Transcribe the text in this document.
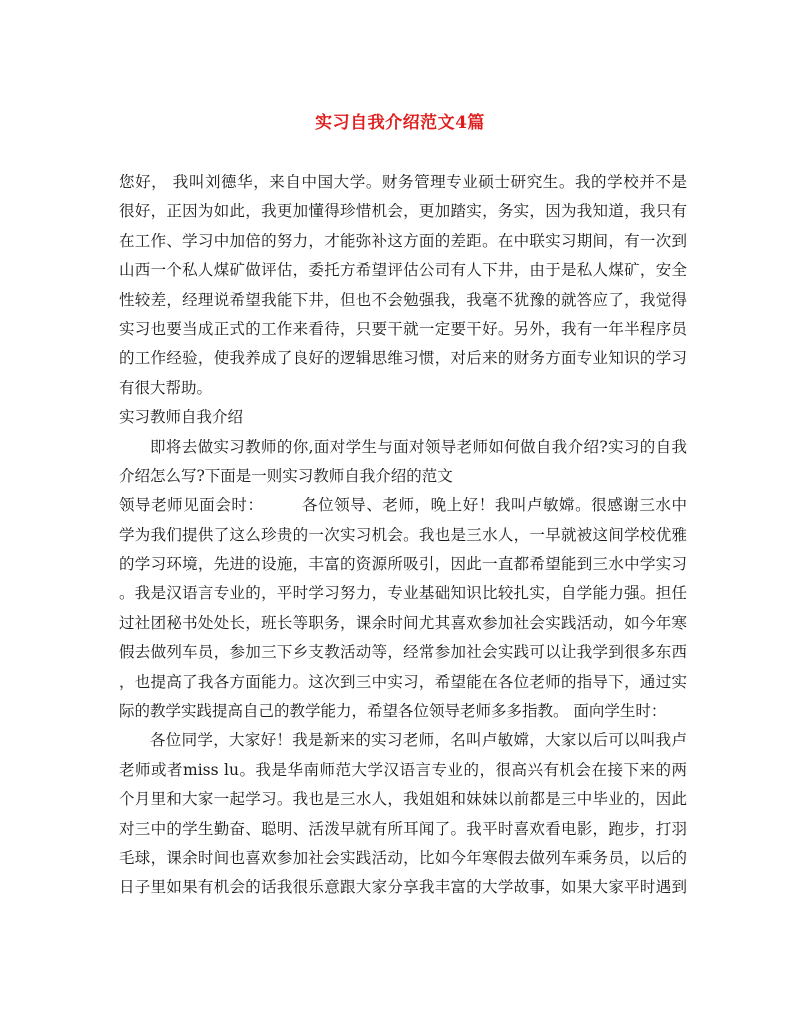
实习自我介绍范文4篇
您好， 我叫刘德华，来自中国大学。财务管理专业硕士研究生。我的学校并不是
很好，正因为如此，我更加懂得珍惜机会，更加踏实，务实，因为我知道，我只有
在工作、学习中加倍的努力，才能弥补这方面的差距。在中联实习期间，有一次到
山西一个私人煤矿做评估，委托方希望评估公司有人下井，由于是私人煤矿，安全
性较差，经理说希望我能下井，但也不会勉强我，我毫不犹豫的就答应了，我觉得
实习也要当成正式的工作来看待，只要干就一定要干好。另外，我有一年半程序员
的工作经验，使我养成了良好的逻辑思维习惯，对后来的财务方面专业知识的学习
有很大帮助。
实习教师自我介绍
即将去做实习教师的你,面对学生与面对领导老师如何做自我介绍?实习的自我
介绍怎么写?下面是一则实习教师自我介绍的范文
领导老师见面会时： 各位领导、老师，晚上好！我叫卢敏嫦。很感谢三水中
学为我们提供了这么珍贵的一次实习机会。我也是三水人，一早就被这间学校优雅
的学习环境，先进的设施，丰富的资源所吸引，因此一直都希望能到三水中学实习
。我是汉语言专业的，平时学习努力，专业基础知识比较扎实，自学能力强。担任
过社团秘书处处长，班长等职务，课余时间尤其喜欢参加社会实践活动，如今年寒
假去做列车员，参加三下乡支教活动等，经常参加社会实践可以让我学到很多东西
，也提高了我各方面能力。这次到三中实习，希望能在各位老师的指导下，通过实
际的教学实践提高自己的教学能力，希望各位领导老师多多指教。 面向学生时：
各位同学，大家好！我是新来的实习老师，名叫卢敏嫦，大家以后可以叫我卢
老师或者miss lu。我是华南师范大学汉语言专业的，很高兴有机会在接下来的两
个月里和大家一起学习。我也是三水人，我姐姐和妹妹以前都是三中毕业的，因此
对三中的学生勤奋、聪明、活泼早就有所耳闻了。我平时喜欢看电影，跑步，打羽
毛球，课余时间也喜欢参加社会实践活动，比如今年寒假去做列车乘务员，以后的
日子里如果有机会的话我很乐意跟大家分享我丰富的大学故事，如果大家平时遇到
